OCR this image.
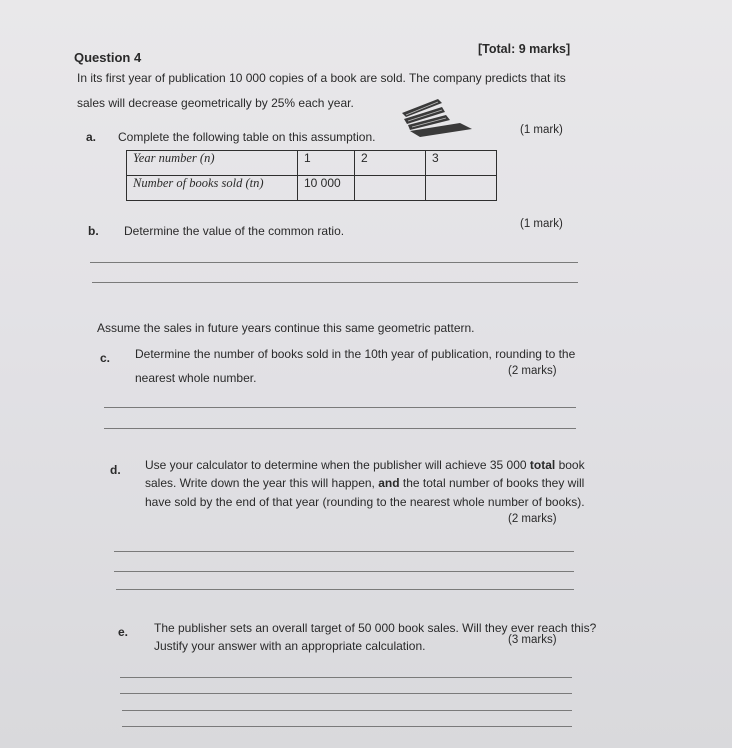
Question 4
[Total: 9 marks]
In its first year of publication 10 000 copies of a book are sold. The company predicts that its
sales will decrease geometrically by 25% each year.
a. Complete the following table on this assumption.	(1 mark)
Year number (n)	1	2	3
Number of books sold (tn)	10 000		
b. Determine the value of the common ratio.	(1 mark)
Assume the sales in future years continue this same geometric pattern.
c. Determine the number of books sold in the 10th year of publication, rounding to the
nearest whole number.	(2 marks)
d. Use your calculator to determine when the publisher will achieve 35 000 total book
sales. Write down the year this will happen, and the total number of books they will
have sold by the end of that year (rounding to the nearest whole number of books).
(2 marks)
e. The publisher sets an overall target of 50 000 book sales. Will they ever reach this?
Justify your answer with an appropriate calculation.	(3 marks)
